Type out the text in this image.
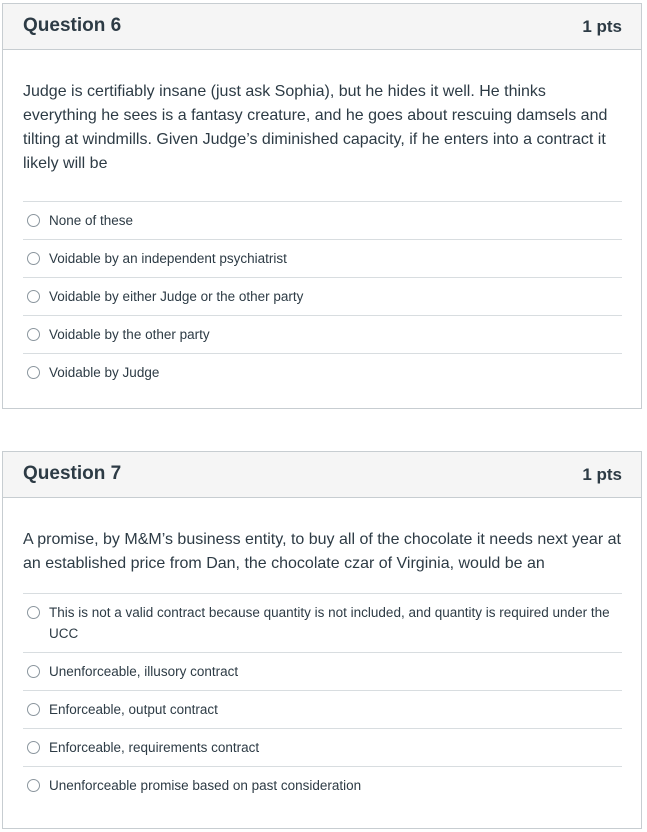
Question 6	1 pts

Judge is certifiably insane (just ask Sophia), but he hides it well. He thinks everything he sees is a fantasy creature, and he goes about rescuing damsels and tilting at windmills. Given Judge’s diminished capacity, if he enters into a contract it likely will be

None of these
Voidable by an independent psychiatrist
Voidable by either Judge or the other party
Voidable by the other party
Voidable by Judge
Question 7	1 pts

A promise, by M&M’s business entity, to buy all of the chocolate it needs next year at an established price from Dan, the chocolate czar of Virginia, would be an

This is not a valid contract because quantity is not included, and quantity is required under the UCC
Unenforceable, illusory contract
Enforceable, output contract
Enforceable, requirements contract
Unenforceable promise based on past consideration
